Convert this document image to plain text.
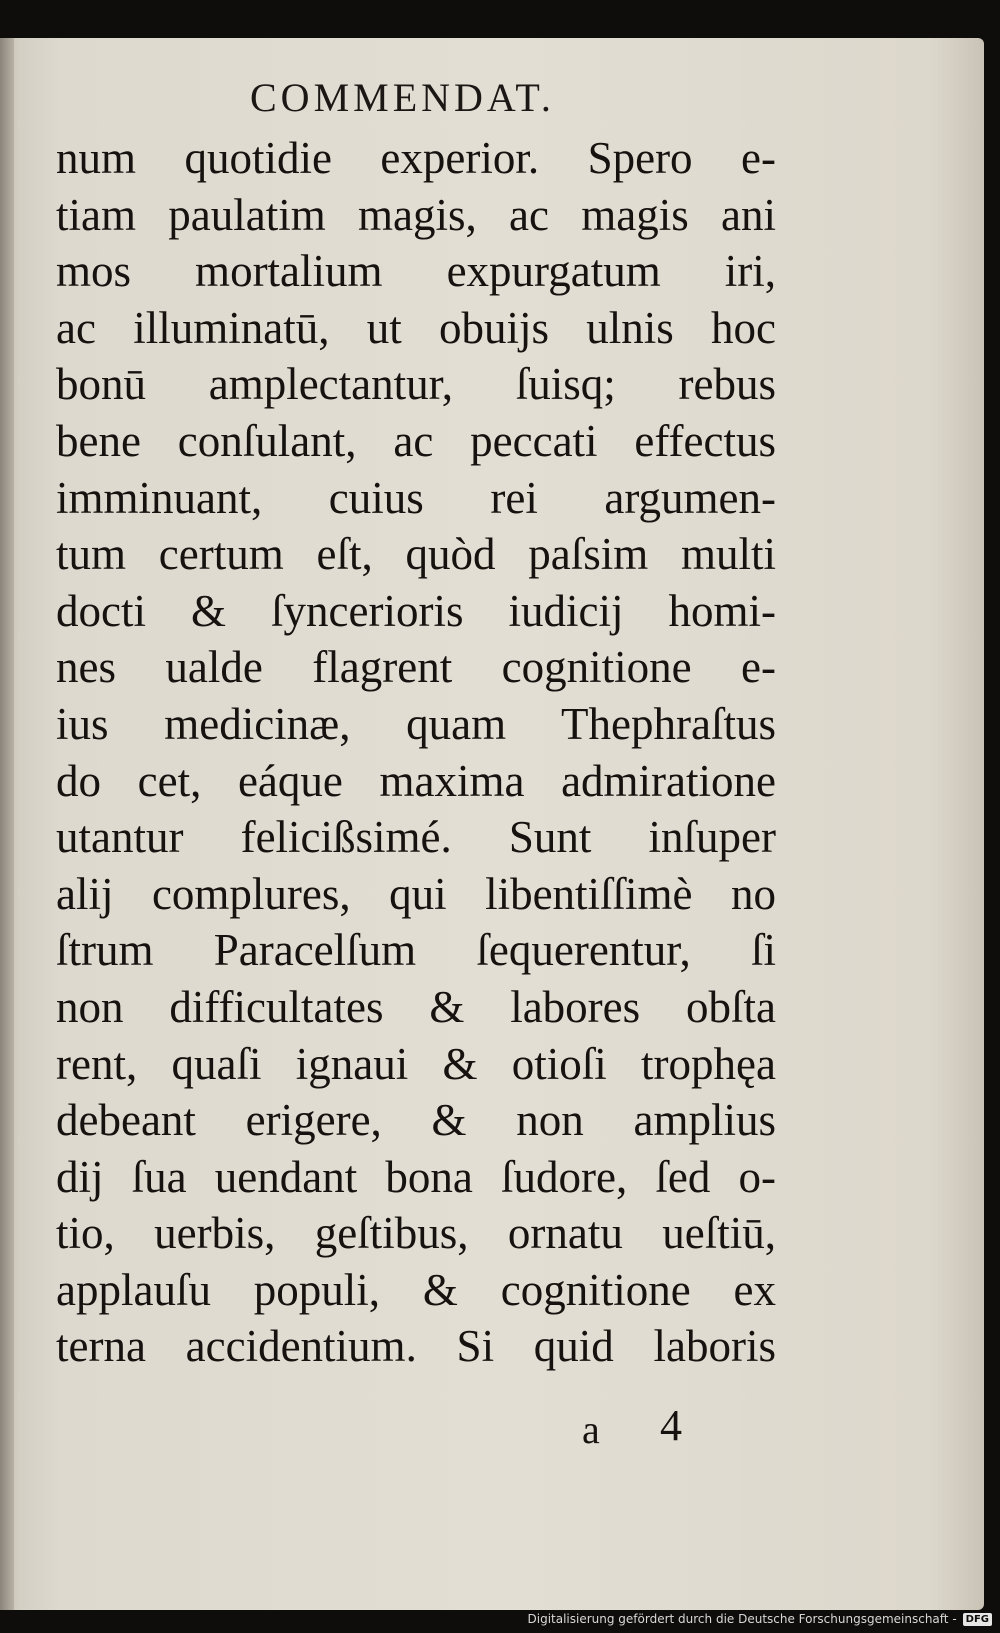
COMMENDAT.
num quotidie experior. Spero e-
tiam paulatim magis, ac magis ani
mos mortalium expurgatum iri,
ac illuminatū, ut obuijs ulnis hoc
bonū amplectantur, ſuisq; rebus
bene conſulant, ac peccati effectus
imminuant, cuius rei argumen-
tum certum eſt, quòd paſsim multi
docti & ſyncerioris iudicij homi-
nes ualde flagrent cognitione e-
ius medicinæ, quam Thephraſtus
do cet, eáque maxima admiratione
utantur felicißsimé. Sunt inſuper
alij complures, qui libentiſſimè no
ſtrum Paracelſum ſequerentur, ſi
non difficultates & labores obſta
rent, quaſi ignaui & otioſi trophęa
debeant erigere, & non amplius
dij ſua uendant bona ſudore, ſed o-
tio, uerbis, geſtibus, ornatu ueſtiū,
applauſu populi, & cognitione ex
terna accidentium. Si quid laboris
a 4
Digitalisierung gefördert durch die Deutsche Forschungsgemeinschaft - DFG
